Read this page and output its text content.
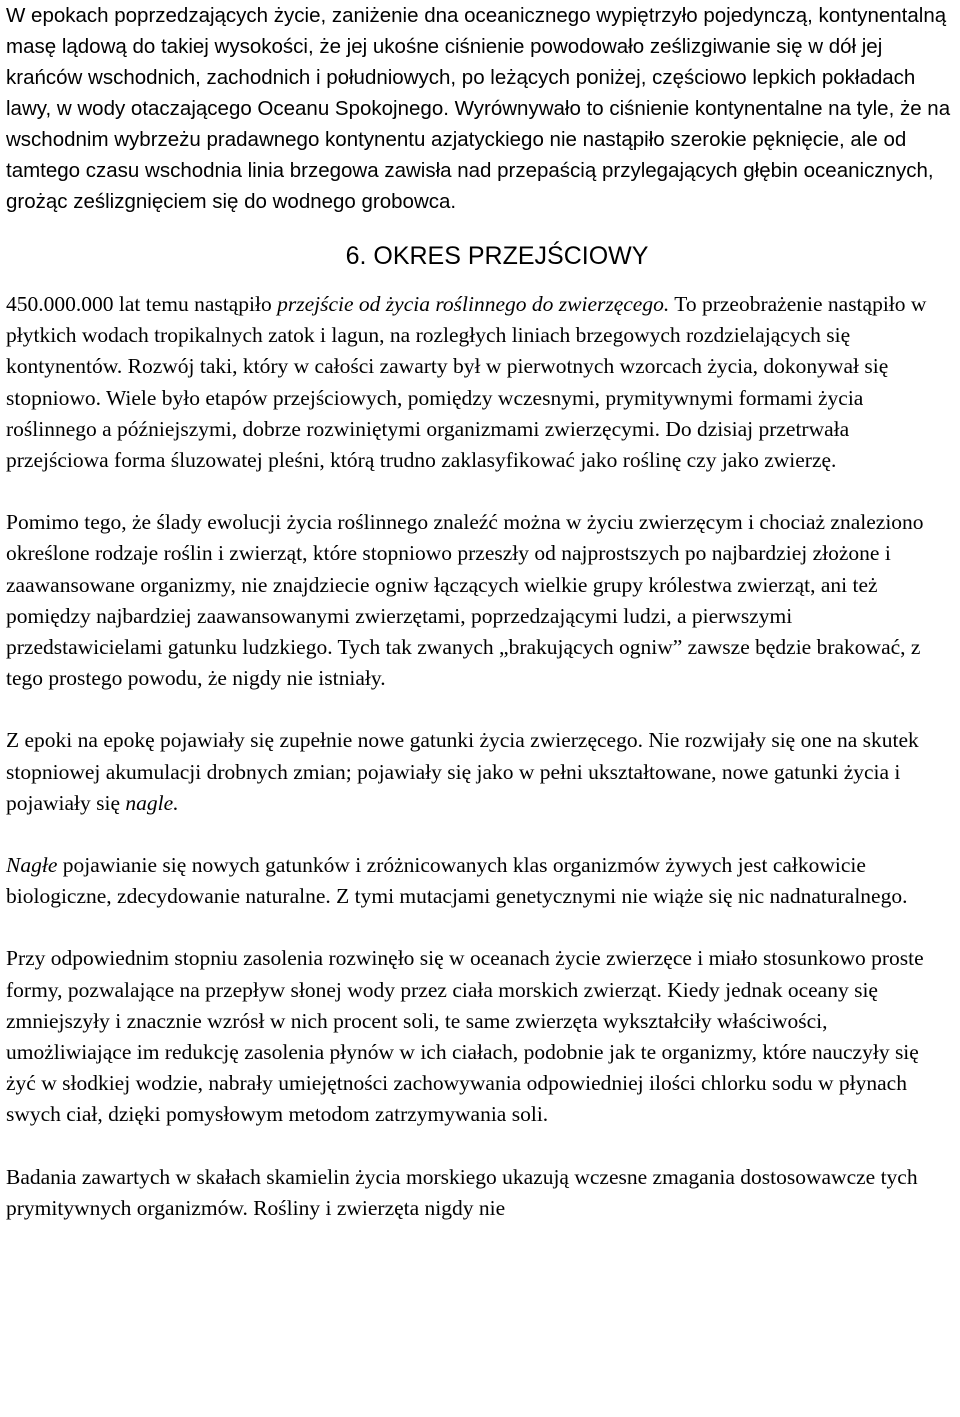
W epokach poprzedzających życie, zaniżenie dna oceanicznego wypiętrzyło pojedynczą, kontynentalną masę lądową do takiej wysokości, że jej ukośne ciśnienie powodowało ześlizgiwanie się w dół jej krańców wschodnich, zachodnich i południowych, po leżących poniżej, częściowo lepkich pokładach lawy, w wody otaczającego Oceanu Spokojnego. Wyrównywało to ciśnienie kontynentalne na tyle, że na wschodnim wybrzeżu pradawnego kontynentu azjatyckiego nie nastąpiło szerokie pęknięcie, ale od tamtego czasu wschodnia linia brzegowa zawisła nad przepaścią przylegających głębin oceanicznych, grożąc ześlizgnięciem się do wodnego grobowca.

6. OKRES PRZEJŚCIOWY

450.000.000 lat temu nastąpiło przejście od życia roślinnego do zwierzęcego. To przeobrażenie nastąpiło w płytkich wodach tropikalnych zatok i lagun, na rozległych liniach brzegowych rozdzielających się kontynentów. Rozwój taki, który w całości zawarty był w pierwotnych wzorcach życia, dokonywał się stopniowo. Wiele było etapów przejściowych, pomiędzy wczesnymi, prymitywnymi formami życia roślinnego a późniejszymi, dobrze rozwiniętymi organizmami zwierzęcymi. Do dzisiaj przetrwała przejściowa forma śluzowatej pleśni, którą trudno zaklasyfikować jako roślinę czy jako zwierzę.

Pomimo tego, że ślady ewolucji życia roślinnego znaleźć można w życiu zwierzęcym i chociaż znaleziono określone rodzaje roślin i zwierząt, które stopniowo przeszły od najprostszych po najbardziej złożone i zaawansowane organizmy, nie znajdziecie ogniw łączących wielkie grupy królestwa zwierząt, ani też pomiędzy najbardziej zaawansowanymi zwierzętami, poprzedzającymi ludzi, a pierwszymi przedstawicielami gatunku ludzkiego. Tych tak zwanych „brakujących ogniw” zawsze będzie brakować, z tego prostego powodu, że nigdy nie istniały.

Z epoki na epokę pojawiały się zupełnie nowe gatunki życia zwierzęcego. Nie rozwijały się one na skutek stopniowej akumulacji drobnych zmian; pojawiały się jako w pełni ukształtowane, nowe gatunki życia i pojawiały się nagle.

Nagłe pojawianie się nowych gatunków i zróżnicowanych klas organizmów żywych jest całkowicie biologiczne, zdecydowanie naturalne. Z tymi mutacjami genetycznymi nie wiąże się nic nadnaturalnego.

Przy odpowiednim stopniu zasolenia rozwinęło się w oceanach życie zwierzęce i miało stosunkowo proste formy, pozwalające na przepływ słonej wody przez ciała morskich zwierząt. Kiedy jednak oceany się zmniejszyły i znacznie wzrósł w nich procent soli, te same zwierzęta wykształciły właściwości, umożliwiające im redukcję zasolenia płynów w ich ciałach, podobnie jak te organizmy, które nauczyły się żyć w słodkiej wodzie, nabrały umiejętności zachowywania odpowiedniej ilości chlorku sodu w płynach swych ciał, dzięki pomysłowym metodom zatrzymywania soli.

Badania zawartych w skałach skamielin życia morskiego ukazują wczesne zmagania dostosowawcze tych prymitywnych organizmów. Rośliny i zwierzęta nigdy nie
